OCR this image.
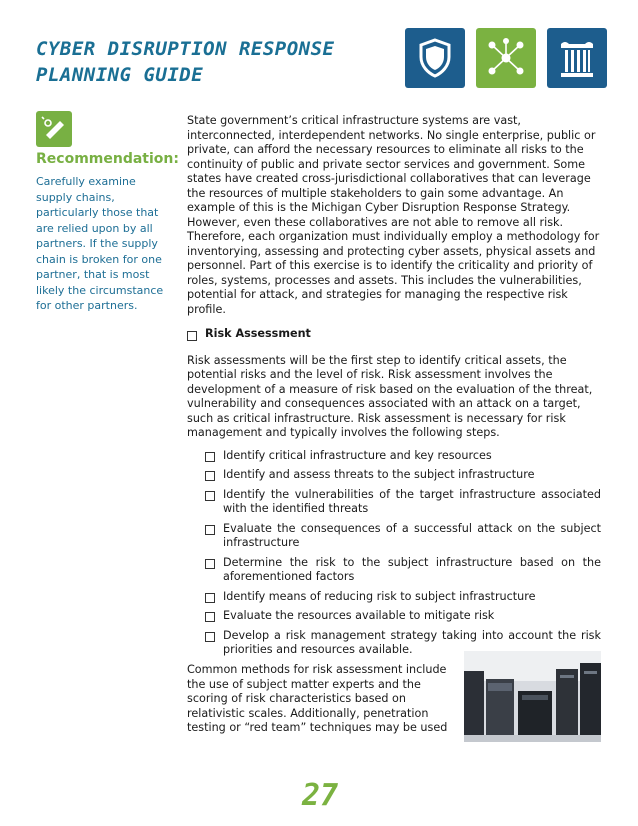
CYBER DISRUPTION RESPONSE
PLANNING GUIDE
Recommendation:
Carefully examine supply chains, particularly those that are relied upon by all partners. If the supply chain is broken for one partner, that is most likely the circumstance for other partners.

State government’s critical infrastructure systems are vast, interconnected, interdependent networks. No single enterprise, public or private, can afford the necessary resources to eliminate all risks to the continuity of public and private sector services and government. Some states have created cross-jurisdictional collaboratives that can leverage the resources of multiple stakeholders to gain some advantage. An example of this is the Michigan Cyber Disruption Response Strategy. However, even these collaboratives are not able to remove all risk. Therefore, each organization must individually employ a methodology for inventorying, assessing and protecting cyber assets, physical assets and personnel. Part of this exercise is to identify the criticality and priority of roles, systems, processes and assets. This includes the vulnerabilities, potential for attack, and strategies for managing the respective risk profile.

Risk Assessment

Risk assessments will be the first step to identify critical assets, the potential risks and the level of risk. Risk assessment involves the development of a measure of risk based on the evaluation of the threat, vulnerability and consequences associated with an attack on a target, such as critical infrastructure. Risk assessment is necessary for risk management and typically involves the following steps.

Identify critical infrastructure and key resources
Identify and assess threats to the subject infrastructure
Identify the vulnerabilities of the target infrastructure associated with the identified threats
Evaluate the consequences of a successful attack on the subject infrastructure
Determine the risk to the subject infrastructure based on the aforementioned factors
Identify means of reducing risk to subject infrastructure
Evaluate the resources available to mitigate risk
Develop a risk management strategy taking into account the risk priorities and resources available.
Common methods for risk assessment include the use of subject matter experts and the scoring of risk characteristics based on relativistic scales. Additionally, penetration testing or “red team” techniques may be used
27
